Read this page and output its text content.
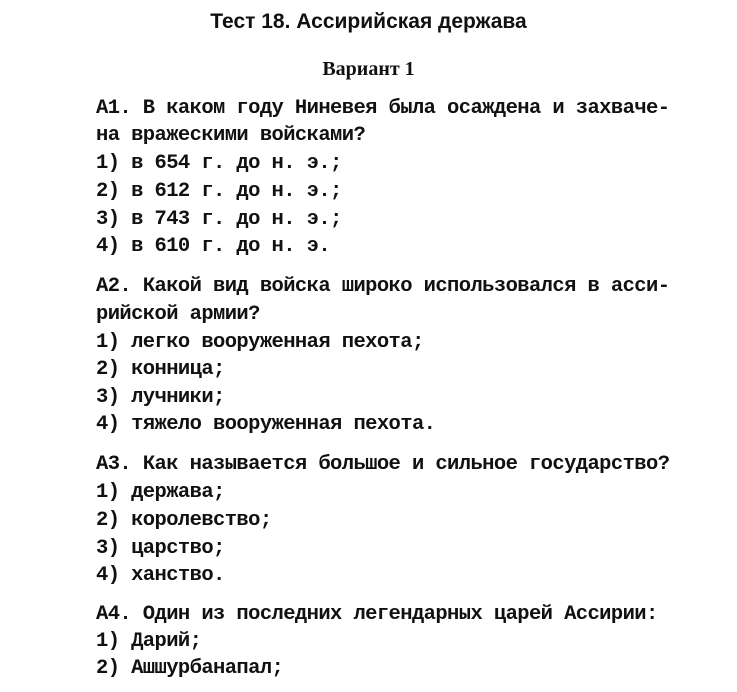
Тест 18. Ассирийская держава
Вариант 1
А1. В каком году Ниневея была осаждена и захваче-
на вражескими войсками?
1) в 654 г. до н. э.;
2) в 612 г. до н. э.;
3) в 743 г. до н. э.;
4) в 610 г. до н. э.
А2. Какой вид войска широко использовался в асси-
рийской армии?
1) легко вооруженная пехота;
2) конница;
3) лучники;
4) тяжело вооруженная пехота.
А3. Как называется большое и сильное государство?
1) держава;
2) королевство;
3) царство;
4) ханство.
А4. Один из последних легендарных царей Ассирии:
1) Дарий;
2) Ашшурбанапал;
